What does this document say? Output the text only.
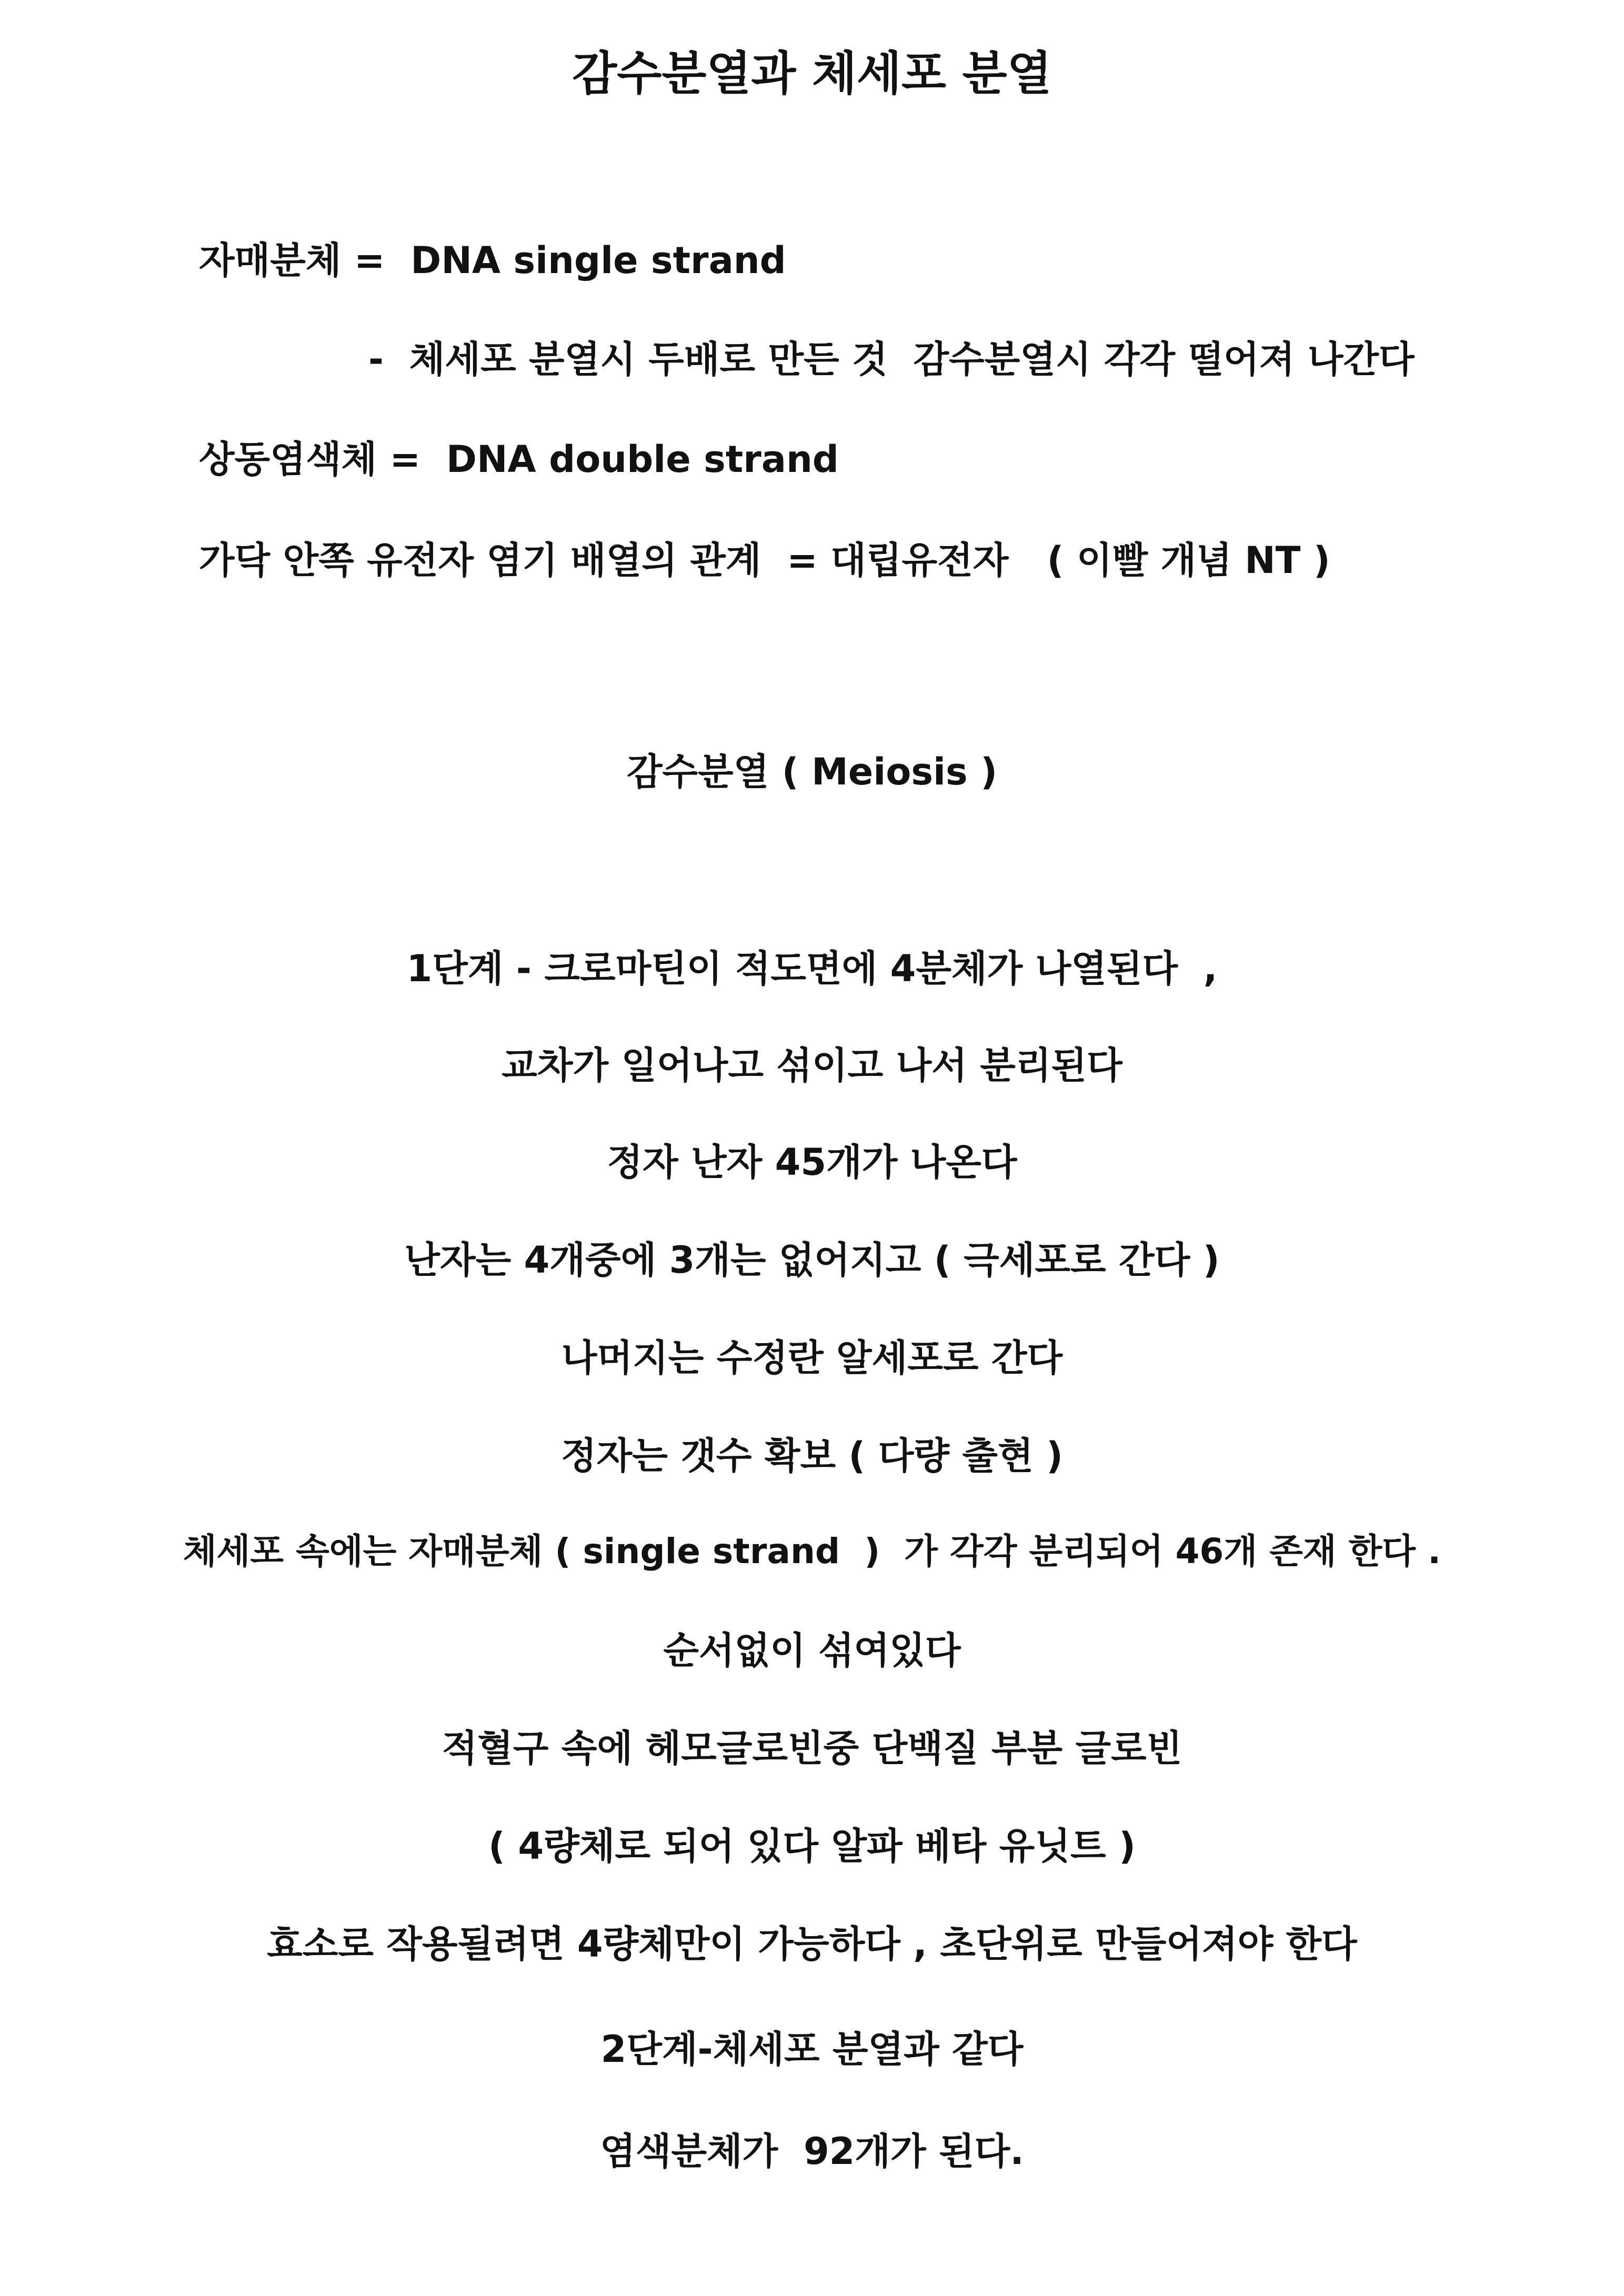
감수분열과 체세포 분열
자매분체 =  DNA single strand
-  체세포 분열시 두배로 만든 것  감수분열시 각각 떨어져 나간다
상동염색체 =  DNA double strand
가닥 안쪽 유전자 염기 배열의 관계  = 대립유전자   ( 이빨 개념 NT )
감수분열 ( Meiosis )
1단계 - 크로마틴이 적도면에 4분체가 나열된다  ,
교차가 일어나고 섞이고 나서 분리된다
정자 난자 45개가 나온다
난자는 4개중에 3개는 없어지고 ( 극세포로 간다 )
나머지는 수정란 알세포로 간다
정자는 갯수 확보 ( 다량 출현 )
체세포 속에는 자매분체 ( single strand  )  가 각각 분리되어 46개 존재 한다 .
순서없이 섞여있다
적혈구 속에 헤모글로빈중 단백질 부분 글로빈
( 4량체로 되어 있다 알파 베타 유닛트 )
효소로 작용될려면 4량체만이 가능하다 , 초단위로 만들어져야 한다
2단계-체세포 분열과 같다
염색분체가  92개가 된다.
